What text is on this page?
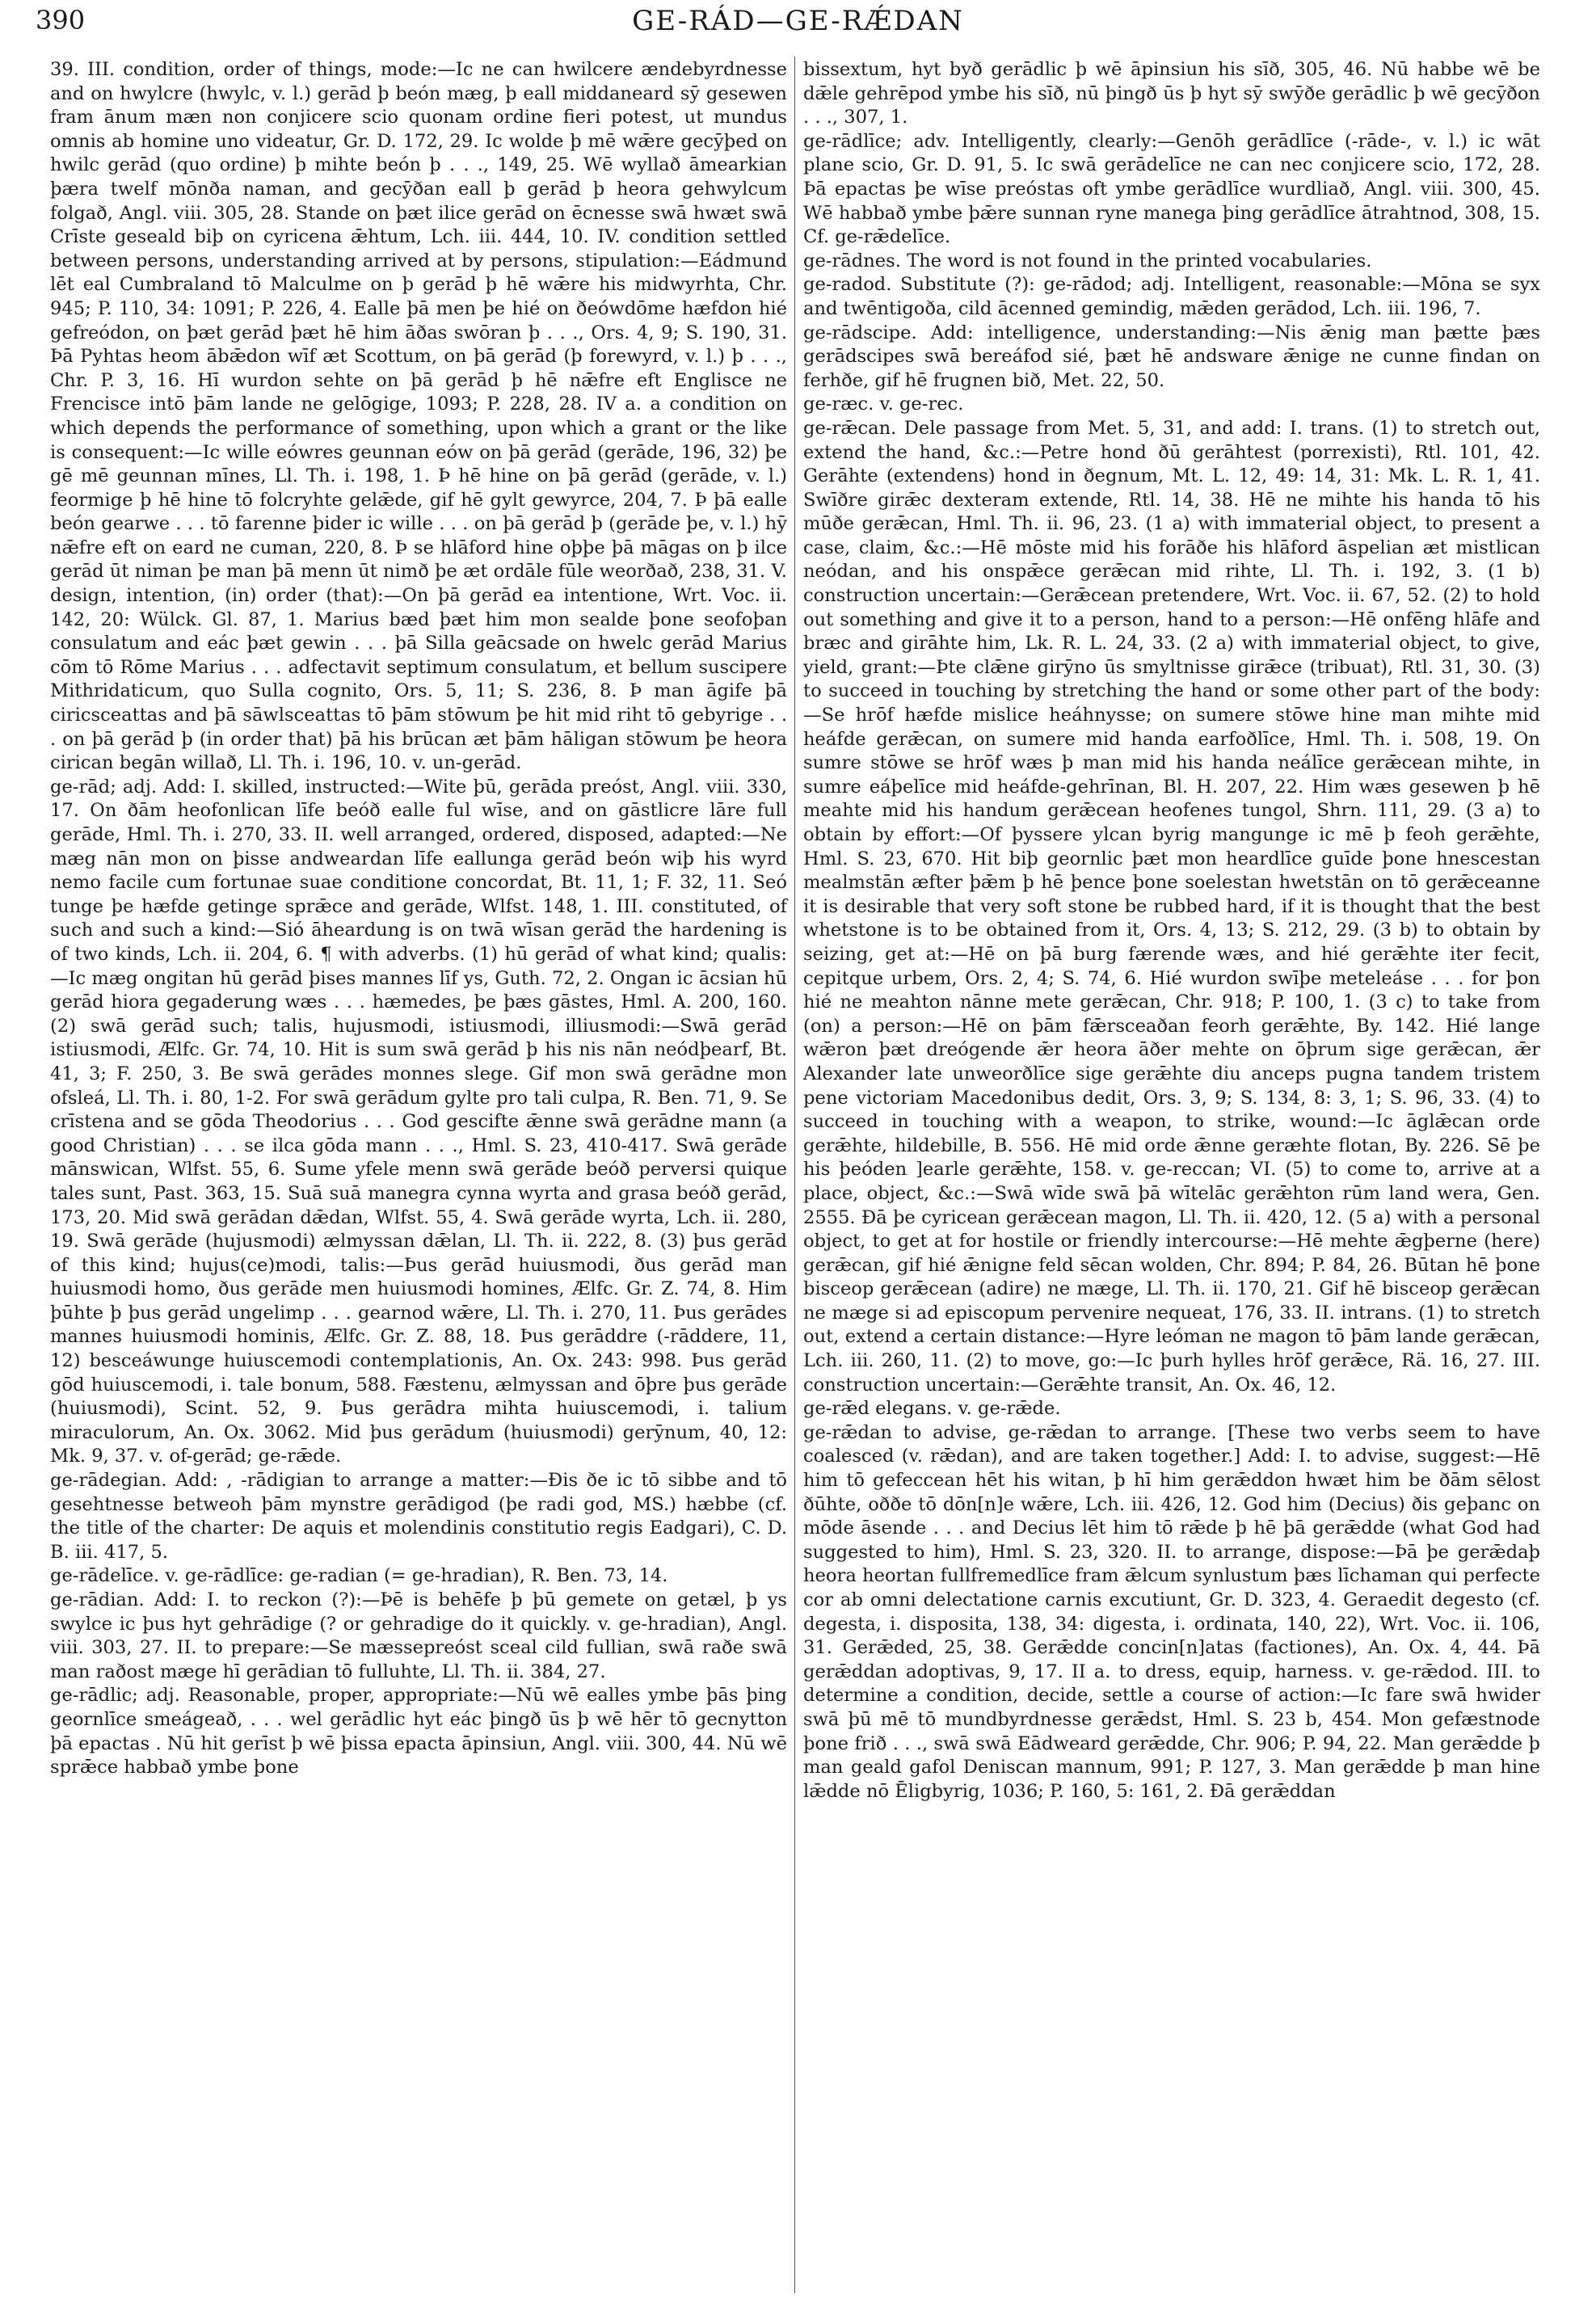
390	GE-RÁD—GE-RǼDAN

39. III. condition, order of things, mode:—Ic ne can hwilcere ændebyrdnesse and on hwylcre (hwylc, v. l.) gerād þ beón mæg, þ eall middaneard sȳ gesewen fram ānum mæn non conjicere scio quonam ordine fieri potest, ut mundus omnis ab homine uno videatur, Gr. D. 172, 29. Ic wolde þ mē wǣre gecȳþed on hwilc gerād (quo ordine) þ mihte beón þ . . ., 149, 25. Wē wyllað āmearkian þæra twelf mōnða naman, and gecȳðan eall þ gerād þ heora gehwylcum folgað, Angl. viii. 305, 28. Stande on þæt ilice gerād on ēcnesse swā hwæt swā Crīste geseald biþ on cyricena ǣhtum, Lch. iii. 444, 10. IV. condition settled between persons, understanding arrived at by persons, stipulation:—Eádmund lēt eal Cumbraland tō Malculme on þ gerād þ hē wǣre his midwyrhta, Chr. 945; P. 110, 34: 1091; P. 226, 4. Ealle þā men þe hié on ðeówdōme hæfdon hié gefreódon, on þæt gerād þæt hē him āðas swōran þ . . ., Ors. 4, 9; S. 190, 31. Þā Pyhtas heom ābǣdon wīf æt Scottum, on þā gerād (þ forewyrd, v. l.) þ . . ., Chr. P. 3, 16. Hī wurdon sehte on þā gerād þ hē nǣfre eft Englisce ne Frencisce intō þām lande ne gelōgige, 1093; P. 228, 28. IV a. a condition on which depends the performance of something, upon which a grant or the like is consequent:—Ic wille eówres geunnan eów on þā gerād (gerāde, 196, 32) þe gē mē geunnan mīnes, Ll. Th. i. 198, 1. Þ hē hine on þā gerād (gerāde, v. l.) feormige þ hē hine tō folcryhte gelǣde, gif hē gylt gewyrce, 204, 7. Þ þā ealle beón gearwe . . . tō farenne þider ic wille . . . on þā gerād þ (gerāde þe, v. l.) hȳ nǣfre eft on eard ne cuman, 220, 8. Þ se hlāford hine oþþe þā māgas on þ ilce gerād ūt niman þe man þā menn ūt nimð þe æt ordāle fūle weorðað, 238, 31. V. design, intention, (in) order (that):—On þā gerād ea intentione, Wrt. Voc. ii. 142, 20: Wülck. Gl. 87, 1. Marius bæd þæt him mon sealde þone seofoþan consulatum and eác þæt gewin . . . þā Silla geācsade on hwelc gerād Marius cōm tō Rōme Marius . . . adfectavit septimum consulatum, et bellum suscipere Mithridaticum, quo Sulla cognito, Ors. 5, 11; S. 236, 8. Þ man āgife þā ciricsceattas and þā sāwlsceattas tō þām stōwum þe hit mid riht tō gebyrige . . . on þā gerād þ (in order that) þā his brūcan æt þām hāligan stōwum þe heora cirican begān willað, Ll. Th. i. 196, 10. v. un-gerād.

ge-rād; adj. Add: I. skilled, instructed:—Wite þū, gerāda preóst, Angl. viii. 330, 17. On ðām heofonlican līfe beóð ealle ful wīse, and on gāstlicre lāre full gerāde, Hml. Th. i. 270, 33. II. well arranged, ordered, disposed, adapted:—Ne mæg nān mon on þisse andweardan līfe eallunga gerād beón wiþ his wyrd nemo facile cum fortunae suae conditione concordat, Bt. 11, 1; F. 32, 11. Seó tunge þe hæfde getinge sprǣce and gerāde, Wlfst. 148, 1. III. constituted, of such and such a kind:—Sió āheardung is on twā wīsan gerād the hardening is of two kinds, Lch. ii. 204, 6. ¶ with adverbs. (1) hū gerād of what kind; qualis:—Ic mæg ongitan hū gerād þises mannes līf ys, Guth. 72, 2. Ongan ic ācsian hū gerād hiora gegaderung wæs . . . hæmedes, þe þæs gāstes, Hml. A. 200, 160. (2) swā gerād such; talis, hujusmodi, istiusmodi, illiusmodi:—Swā gerād istiusmodi, Ælfc. Gr. 74, 10. Hit is sum swā gerād þ his nis nān neódþearf, Bt. 41, 3; F. 250, 3. Be swā gerādes monnes slege. Gif mon swā gerādne mon ofsleá, Ll. Th. i. 80, 1-2. For swā gerādum gylte pro tali culpa, R. Ben. 71, 9. Se crīstena and se gōda Theodorius . . . God gescifte ǣnne swā gerādne mann (a good Christian) . . . se ilca gōda mann . . ., Hml. S. 23, 410-417. Swā gerāde mānswican, Wlfst. 55, 6. Sume yfele menn swā gerāde beóð perversi quique tales sunt, Past. 363, 15. Suā suā manegra cynna wyrta and grasa beóð gerād, 173, 20. Mid swā gerādan dǣdan, Wlfst. 55, 4. Swā gerāde wyrta, Lch. ii. 280, 19. Swā gerāde (hujusmodi) ælmyssan dǣlan, Ll. Th. ii. 222, 8. (3) þus gerād of this kind; hujus(ce)modi, talis:—Þus gerād huiusmodi, ðus gerād man huiusmodi homo, ðus gerāde men huiusmodi homines, Ælfc. Gr. Z. 74, 8. Him þūhte þ þus gerād ungelimp . . . gearnod wǣre, Ll. Th. i. 270, 11. Þus gerādes mannes huiusmodi hominis, Ælfc. Gr. Z. 88, 18. Þus gerāddre (-rāddere, 11, 12) besceáwunge huiuscemodi contemplationis, An. Ox. 243: 998. Þus gerād gōd huiuscemodi, i. tale bonum, 588. Fæstenu, ælmyssan and ōþre þus gerāde (huiusmodi), Scint. 52, 9. Þus gerādra mihta huiuscemodi, i. talium miraculorum, An. Ox. 3062. Mid þus gerādum (huiusmodi) gerȳnum, 40, 12: Mk. 9, 37. v. of-gerād; ge-rǣde.

ge-rādegian. Add: , -rādigian to arrange a matter:—Ðis ðe ic tō sibbe and tō gesehtnesse betweoh þām mynstre gerādigod (þe radi god, MS.) hæbbe (cf. the title of the charter: De aquis et molendinis constitutio regis Eadgari), C. D. B. iii. 417, 5.

ge-rādelīce. v. ge-rādlīce: ge-radian (= ge-hradian), R. Ben. 73, 14.

ge-rādian. Add: I. to reckon (?):—Þē is behēfe þ þū gemete on getæl, þ ys swylce ic þus hyt gehrādige (? or gehradige do it quickly. v. ge-hradian), Angl. viii. 303, 27. II. to prepare:—Se mæssepreóst sceal cild fullian, swā raðe swā man raðost mæge hī gerādian tō fulluhte, Ll. Th. ii. 384, 27.

ge-rādlic; adj. Reasonable, proper, appropriate:—Nū wē ealles ymbe þās þing geornlīce smeágeað, . . . wel gerādlic hyt eác þingð ūs þ wē hēr tō gecnytton þā epactas . Nū hit gerīst þ wē þissa epacta āpinsiun, Angl. viii. 300, 44. Nū wē sprǣce habbað ymbe þone

bissextum, hyt byð gerādlic þ wē āpinsiun his sīð, 305, 46. Nū habbe wē be dǣle gehrēpod ymbe his sīð, nū þingð ūs þ hyt sȳ swȳðe gerādlic þ wē gecȳðon . . ., 307, 1.

ge-rādlīce; adv. Intelligently, clearly:—Genōh gerādlīce (-rāde-, v. l.) ic wāt plane scio, Gr. D. 91, 5. Ic swā gerādelīce ne can nec conjicere scio, 172, 28. Þā epactas þe wīse preóstas oft ymbe gerādlīce wurdliað, Angl. viii. 300, 45. Wē habbað ymbe þǣre sunnan ryne manega þing gerādlīce ātrahtnod, 308, 15. Cf. ge-rǣdelīce.

ge-rādnes. The word is not found in the printed vocabularies.

ge-radod. Substitute (?): ge-rādod; adj. Intelligent, reasonable:—Mōna se syx and twēntigoða, cild ācenned gemindig, mǣden gerādod, Lch. iii. 196, 7.

ge-rādscipe. Add: intelligence, understanding:—Nis ǣnig man þætte þæs gerādscipes swā bereáfod sié, þæt hē andsware ǣnige ne cunne findan on ferhðe, gif hē frugnen bið, Met. 22, 50.

ge-ræc. v. ge-rec.

ge-rǣcan. Dele passage from Met. 5, 31, and add: I. trans. (1) to stretch out, extend the hand, &c.:—Petre hond ðū gerāhtest (porrexisti), Rtl. 101, 42. Gerāhte (extendens) hond in ðegnum, Mt. L. 12, 49: 14, 31: Mk. L. R. 1, 41. Swīðre girǣc dexteram extende, Rtl. 14, 38. Hē ne mihte his handa tō his mūðe gerǣcan, Hml. Th. ii. 96, 23. (1 a) with immaterial object, to present a case, claim, &c.:—Hē mōste mid his forāðe his hlāford āspelian æt mistlican neódan, and his onspǣce gerǣcan mid rihte, Ll. Th. i. 192, 3. (1 b) construction uncertain:—Gerǣcean pretendere, Wrt. Voc. ii. 67, 52. (2) to hold out something and give it to a person, hand to a person:—Hē onfēng hlāfe and bræc and girāhte him, Lk. R. L. 24, 33. (2 a) with immaterial object, to give, yield, grant:—Þte clǣne girȳno ūs smyltnisse girǣce (tribuat), Rtl. 31, 30. (3) to succeed in touching by stretching the hand or some other part of the body:—Se hrōf hæfde mislice heáhnysse; on sumere stōwe hine man mihte mid heáfde gerǣcan, on sumere mid handa earfoðlīce, Hml. Th. i. 508, 19. On sumre stōwe se hrōf wæs þ man mid his handa neálīce gerǣcean mihte, in sumre eáþelīce mid heáfde-gehrīnan, Bl. H. 207, 22. Him wæs gesewen þ hē meahte mid his handum gerǣcean heofenes tungol, Shrn. 111, 29. (3 a) to obtain by effort:—Of þyssere ylcan byrig mangunge ic mē þ feoh gerǣhte, Hml. S. 23, 670. Hit biþ geornlic þæt mon heardlīce guīde þone hnescestan mealmstān æfter þǣm þ hē þence þone soelestan hwetstān on tō gerǣceanne it is desirable that very soft stone be rubbed hard, if it is thought that the best whetstone is to be obtained from it, Ors. 4, 13; S. 212, 29. (3 b) to obtain by seizing, get at:—Hē on þā burg færende wæs, and hié gerǣhte iter fecit, cepitque urbem, Ors. 2, 4; S. 74, 6. Hié wurdon swīþe meteleáse . . . for þon hié ne meahton nānne mete gerǣcan, Chr. 918; P. 100, 1. (3 c) to take from (on) a person:—Hē on þām fǣrsceaðan feorh gerǣhte, By. 142. Hié lange wǣron þæt dreógende ǣr heora āðer mehte on ōþrum sige gerǣcan, ǣr Alexander late unweorðlīce sige gerǣhte diu anceps pugna tandem tristem pene victoriam Macedonibus dedit, Ors. 3, 9; S. 134, 8: 3, 1; S. 96, 33. (4) to succeed in touching with a weapon, to strike, wound:—Ic āglǣcan orde gerǣhte, hildebille, B. 556. Hē mid orde ǣnne geræhte flotan, By. 226. Sē þe his þeóden ]earle gerǣhte, 158. v. ge-reccan; VI. (5) to come to, arrive at a place, object, &c.:—Swā wīde swā þā wītelāc gerǣhton rūm land wera, Gen. 2555. Ðā þe cyricean gerǣcean magon, Ll. Th. ii. 420, 12. (5 a) with a personal object, to get at for hostile or friendly intercourse:—Hē mehte ǣgþerne (here) gerǣcan, gif hié ǣnigne feld sēcan wolden, Chr. 894; P. 84, 26. Būtan hē þone bisceop gerǣcean (adire) ne mæge, Ll. Th. ii. 170, 21. Gif hē bisceop gerǣcan ne mæge si ad episcopum pervenire nequeat, 176, 33. II. intrans. (1) to stretch out, extend a certain distance:—Hyre leóman ne magon tō þām lande gerǣcan, Lch. iii. 260, 11. (2) to move, go:—Ic þurh hylles hrōf gerǣce, Rä. 16, 27. III. construction uncertain:—Gerǣhte transit, An. Ox. 46, 12.

ge-rǣd elegans. v. ge-rǣde.

ge-rǣdan to advise, ge-rǣdan to arrange. [These two verbs seem to have coalesced (v. rǣdan), and are taken together.] Add: I. to advise, suggest:—Hē him tō gefeccean hēt his witan, þ hī him gerǣddon hwæt him be ðām sēlost ðūhte, oððe tō dōn[n]e wǣre, Lch. iii. 426, 12. God him (Decius) ðis geþanc on mōde āsende . . . and Decius lēt him tō rǣde þ hē þā gerǣdde (what God had suggested to him), Hml. S. 23, 320. II. to arrange, dispose:—Þā þe gerǣdaþ heora heortan fullfremedlīce fram ǣlcum synlustum þæs līchaman qui perfecte cor ab omni delectatione carnis excutiunt, Gr. D. 323, 4. Geraedit degesto (cf. degesta, i. disposita, 138, 34: digesta, i. ordinata, 140, 22), Wrt. Voc. ii. 106, 31. Gerǣded, 25, 38. Gerǣdde concin[n]atas (factiones), An. Ox. 4, 44. Þā gerǣddan adoptivas, 9, 17. II a. to dress, equip, harness. v. ge-rǣdod. III. to determine a condition, decide, settle a course of action:—Ic fare swā hwider swā þū mē tō mundbyrdnesse gerǣdst, Hml. S. 23 b, 454. Mon gefæstnode þone frið . . ., swā swā Eādweard gerǣdde, Chr. 906; P. 94, 22. Man gerǣdde þ man geald gafol Deniscan mannum, 991; P. 127, 3. Man gerǣdde þ man hine lǣdde nō Ēligbyrig, 1036; P. 160, 5: 161, 2. Ðā gerǣddan
